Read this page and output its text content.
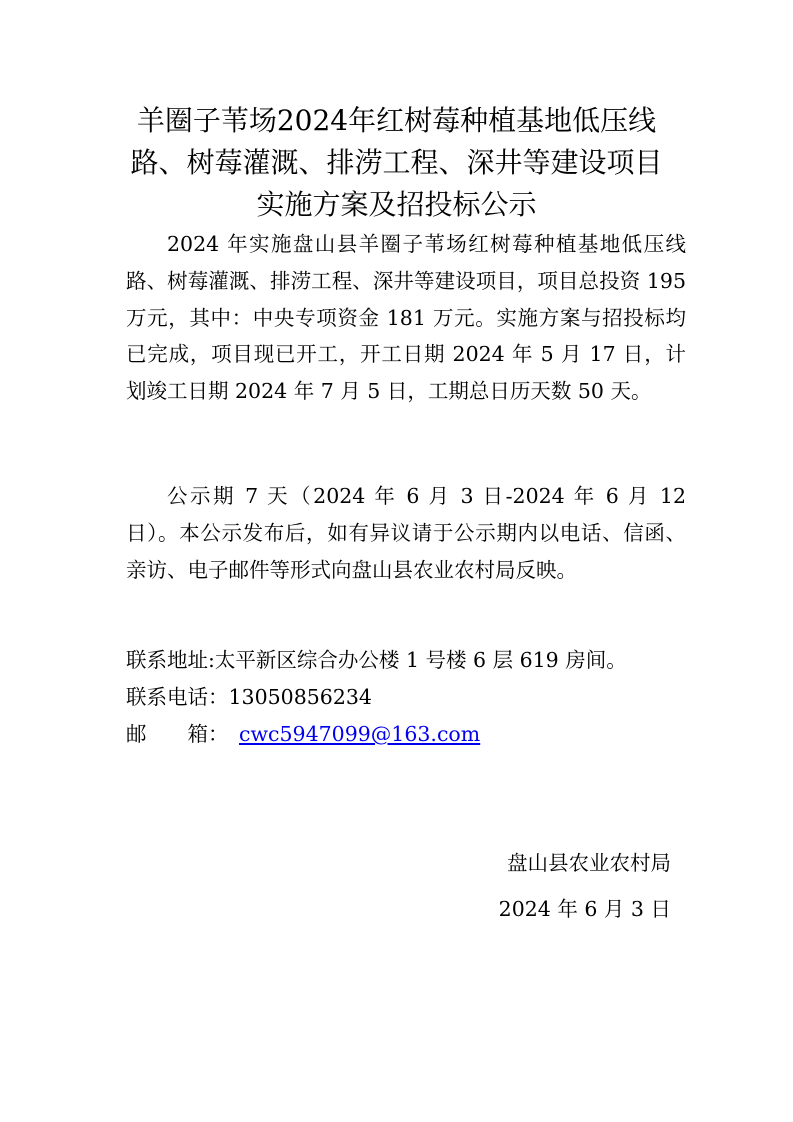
羊圈子苇场2024年红树莓种植基地低压线
路、树莓灌溉、排涝工程、深井等建设项目
实施方案及招投标公示
2024 年实施盘山县羊圈子苇场红树莓种植基地低压线路、树莓灌溉、排涝工程、深井等建设项目，项目总投资 195 万元，其中：中央专项资金 181 万元。实施方案与招投标均已完成，项目现已开工，开工日期 2024 年 5 月 17 日，计划竣工日期 2024 年 7 月 5 日，工期总日历天数 50 天。
公示期 7 天（2024 年 6 月 3 日-2024 年 6 月 12 日）。本公示发布后，如有异议请于公示期内以电话、信函、亲访、电子邮件等形式向盘山县农业农村局反映。
联系地址:太平新区综合办公楼 1 号楼 6 层 619 房间。
联系电话：13050856234
邮　　箱： cwc5947099@163.com
盘山县农业农村局
2024 年 6 月 3 日
